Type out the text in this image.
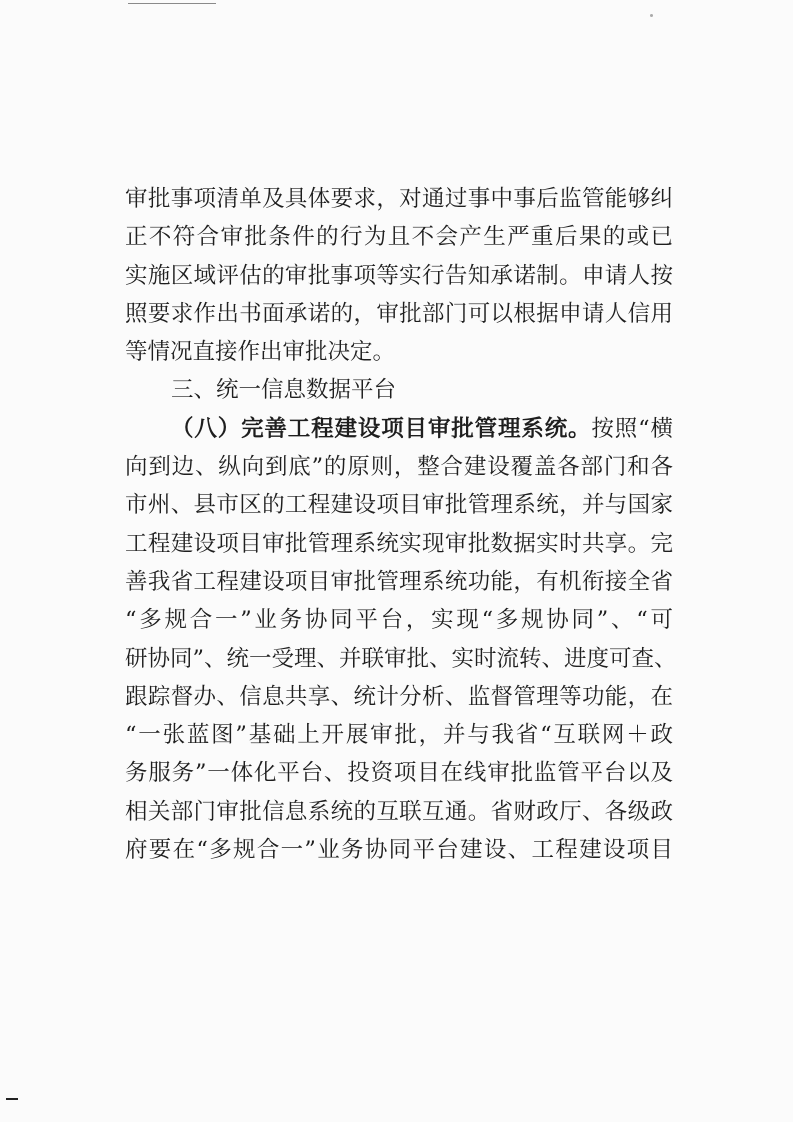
审批事项清单及具体要求，对通过事中事后监管能够纠
正不符合审批条件的行为且不会产生严重后果的或已
实施区域评估的审批事项等实行告知承诺制。申请人按
照要求作出书面承诺的，审批部门可以根据申请人信用
等情况直接作出审批决定。
三、统一信息数据平台
（八）完善工程建设项目审批管理系统。按照“横
向到边、纵向到底”的原则，整合建设覆盖各部门和各
市州、县市区的工程建设项目审批管理系统，并与国家
工程建设项目审批管理系统实现审批数据实时共享。完
善我省工程建设项目审批管理系统功能，有机衔接全省
“多规合一”业务协同平台，实现“多规协同”、“可
研协同”、统一受理、并联审批、实时流转、进度可查、
跟踪督办、信息共享、统计分析、监督管理等功能，在
“一张蓝图”基础上开展审批，并与我省“互联网＋政
务服务”一体化平台、投资项目在线审批监管平台以及
相关部门审批信息系统的互联互通。省财政厅、各级政
府要在“多规合一”业务协同平台建设、工程建设项目
